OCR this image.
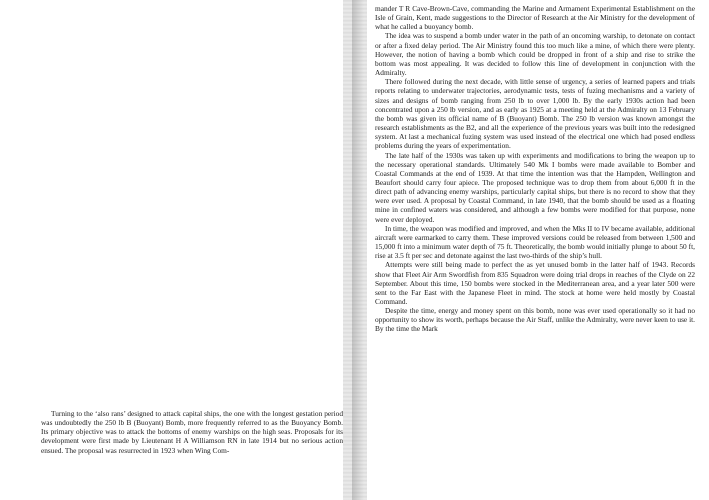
Turning to the ‘also rans’ designed to attack capital ships, the one with the longest gestation period was undoubtedly the 250 lb B (Buoyant) Bomb, more frequently referred to as the Buoyancy Bomb. Its primary objective was to attack the bottoms of enemy warships on the high seas. Proposals for its development were first made by Lieutenant H A Williamson RN in late 1914 but no serious action ensued. The proposal was resurrected in 1923 when Wing Com-

mander T R Cave-Brown-Cave, commanding the Marine and Armament Experimental Establishment on the Isle of Grain, Kent, made suggestions to the Director of Research at the Air Ministry for the development of what he called a buoyancy bomb.

The idea was to suspend a bomb under water in the path of an oncoming warship, to detonate on contact or after a fixed delay period. The Air Ministry found this too much like a mine, of which there were plenty. However, the notion of having a bomb which could be dropped in front of a ship and rise to strike the bottom was most appealing. It was decided to follow this line of development in conjunction with the Admiralty.

There followed during the next decade, with little sense of urgency, a series of learned papers and trials reports relating to underwater trajectories, aerodynamic tests, tests of fuzing mechanisms and a variety of sizes and designs of bomb ranging from 250 lb to over 1,000 lb. By the early 1930s action had been concentrated upon a 250 lb version, and as early as 1925 at a meeting held at the Admiralty on 13 February the bomb was given its official name of B (Buoyant) Bomb. The 250 lb version was known amongst the research establishments as the B2, and all the experience of the previous years was built into the redesigned system. At last a mechanical fuzing system was used instead of the electrical one which had posed endless problems during the years of experimentation.

The late half of the 1930s was taken up with experiments and modifications to bring the weapon up to the necessary operational standards. Ultimately 540 Mk I bombs were made available to Bomber and Coastal Commands at the end of 1939. At that time the intention was that the Hampden, Wellington and Beaufort should carry four apiece. The proposed technique was to drop them from about 6,000 ft in the direct path of advancing enemy warships, particularly capital ships, but there is no record to show that they were ever used. A proposal by Coastal Command, in late 1940, that the bomb should be used as a floating mine in confined waters was considered, and although a few bombs were modified for that purpose, none were ever deployed.

In time, the weapon was modified and improved, and when the Mks II to IV became available, additional aircraft were earmarked to carry them. These improved versions could be released from between 1,500 and 15,000 ft into a minimum water depth of 75 ft. Theoretically, the bomb would initially plunge to about 50 ft, rise at 3.5 ft per sec and detonate against the last two-thirds of the ship’s hull.

Attempts were still being made to perfect the as yet unused bomb in the latter half of 1943. Records show that Fleet Air Arm Swordfish from 835 Squadron were doing trial drops in reaches of the Clyde on 22 September. About this time, 150 bombs were stocked in the Mediterranean area, and a year later 500 were sent to the Far East with the Japanese Fleet in mind. The stock at home were held mostly by Coastal Command.

Despite the time, energy and money spent on this bomb, none was ever used operationally so it had no opportunity to show its worth, perhaps because the Air Staff, unlike the Admiralty, were never keen to use it. By the time the Mark
